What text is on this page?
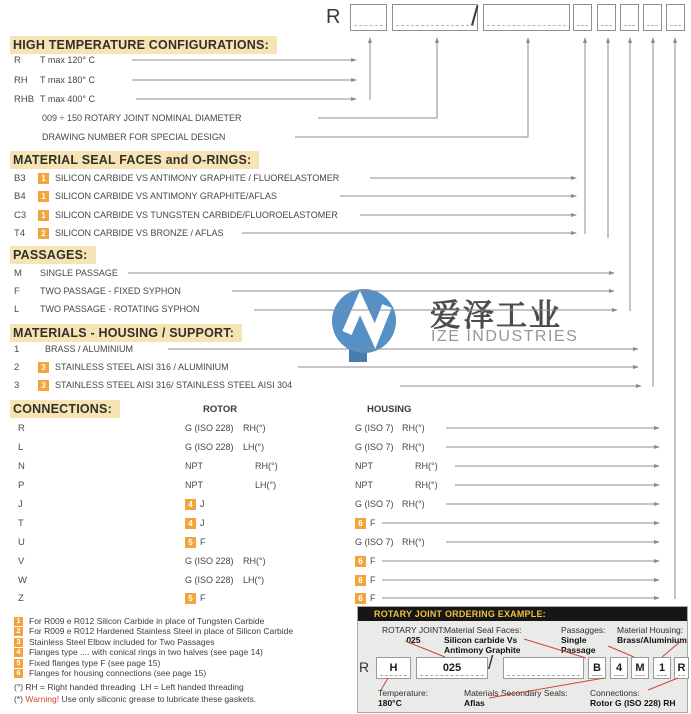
爱泽工业
IZE INDUSTRIES
R	/
HIGH TEMPERATURE CONFIGURATIONS:
R T max 120° C
RH T max 180° C
RHB T max 400° C
009 ÷ 150 ROTARY JOINT NOMINAL DIAMETER
DRAWING NUMBER FOR SPECIAL DESIGN
MATERIAL SEAL FACES and O-RINGS:
B3	1	SILICON CARBIDE VS ANTIMONY GRAPHITE / FLUORELASTOMER
B4	1	SILICON CARBIDE VS ANTIMONY GRAPHITE/AFLAS
C3	1	SILICON CARBIDE VS TUNGSTEN CARBIDE/FLUOROELASTOMER
T4	2	SILICON CARBIDE VS BRONZE / AFLAS
PASSAGES:
M SINGLE PASSAGE
F TWO PASSAGE - FIXED SYPHON
L TWO PASSAGE - ROTATING SYPHON
MATERIALS - HOUSING / SUPPORT:
1	BRASS / ALUMINIUM
2	3	STAINLESS STEEL AISI 316 / ALUMINIUM
3	3	STAINLESS STEEL AISI 316/ STAINLESS STEEL AISI 304
CONNECTIONS:	ROTOR	HOUSING
R	G (ISO 228) RH(°)	G (ISO 7) RH(°)
L	G (ISO 228) LH(°)	G (ISO 7) RH(°)
N	NPT	RH(°)	NPT	RH(°)
P	NPT	LH(°)	NPT	RH(°)
J	4 J	G (ISO 7) RH(°)
T	4 J	6 F
U	5 F	G (ISO 7) RH(°)
V	G (ISO 228) RH(°)	6 F
W	G (ISO 228) LH(°)	6 F
Z	5 F	6 F
1 For R009 e R012 Silicon Carbide in place of Tungsten Carbide
2 For R009 e R012 Hardened Stainless Steel in place of Silicon Carbide
3 Stainless Steel Elbow included for Two Passages
4 Flanges type .... with conical rings in two halves (see page 14)
5 Fixed flanges type F (see page 15)
6 Flanges for housing connections (see page 15)
(°) RH = Right handed threading  LH = Left handed threading
(*) Warning! Use only siliconic grease to lubricate these gaskets.
ROTARY JOINT ORDERING EXAMPLE:
ROTARY JOINT:
025
Material Seal Faces:
Silicon carbide Vs
Antimony Graphite
Passagges:
Single
Passage
Material Housing:
Brass/Aluminium
R	H	025	/	B	4	M	1	R
Temperature:
180°C
Materials Secondary Seals:
Aflas
Connections:
Rotor G (ISO 228) RH
